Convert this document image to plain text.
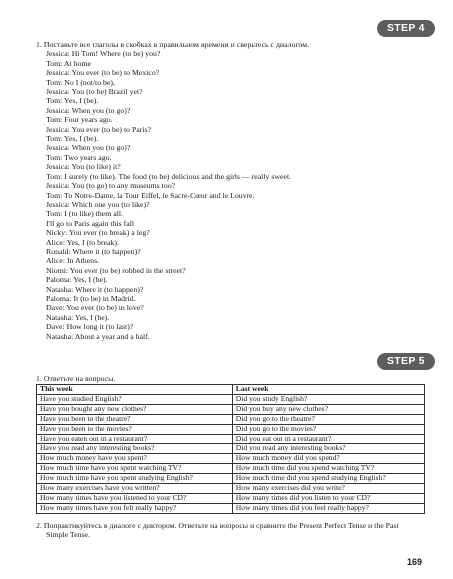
STEP 4
1. Поставьте все глаголы в скобках в правильном времени и сверьтесь с диалогом.
Jessica: Hi Tom! Where (to be) you?
Tom: At home
Jessica: You ever (to be) to Mexico?
Tom: No I (not/to be),
Jessica: You (to be) Brazil yet?
Tom: Yes, I (be).
Jessica: When you (to go)?
Tom: Four years ago.
Jessica: You ever (to be) to Paris?
Tom: Yes, I (be).
Jessica: When you (to go)?
Tom: Two years ago.
Jessica: You (to like) it?
Tom: I surely (to like). The food (to be) delicious and the girls — really sweet.
Jessica: You (to go) to any museums too?
Tom: To Notre-Dame, la Tour Eiffel, le Sacre-Cœur and le Louvre.
Jessica: Which one you (to like)?
Tom: I (to like) them all.
I'll go to Paris again this fall
Nicky: You ever (to break) a leg?
Alice: Yes, I (to break).
Ronald: Where it (to happen)?
Alice: In Athens.
Niomi: You ever (to be) robbed in the street?
Paloma: Yes, I (be).
Natasha: Where it (to happen)?
Paloma: It (to be) in Madrid.
Dave: You ever (to be) in love?
Natasha: Yes, I (be).
Dave: How long it (to last)?
Natasha: About a year and a half.
STEP 5
1. Ответьте на вопросы.
This week	Last week
Have you studied English?	Did you study English?
Have you bought any new clothes?	Did you buy any new clothes?
Have you been to the theatre?	Did you go to the theatre?
Have you been to the movies?	Did you go to the movies?
Have you eaten out in a restaurant?	Did you eat out in a restaurant?
Have you read any interesting books?	Did you read any interesting books?
How much money have you spent?	How much money did you spend?
How much time have you spent watching TV?	How much time did you spend watching TV?
How much time have you spent studying English?	How much time did you spend studying English?
How many exercises have you written?	How many exercises did you write?
How many times have you listened to your CD?	How many times did you listen to your CD?
How many times have you felt really happy?	How many times did you feel really happy?
2. Попрактикуйтесь в диалоге с диктором. Ответьте на вопросы и сравните the Present Perfect Tense и the Past
Simple Tense.
169
